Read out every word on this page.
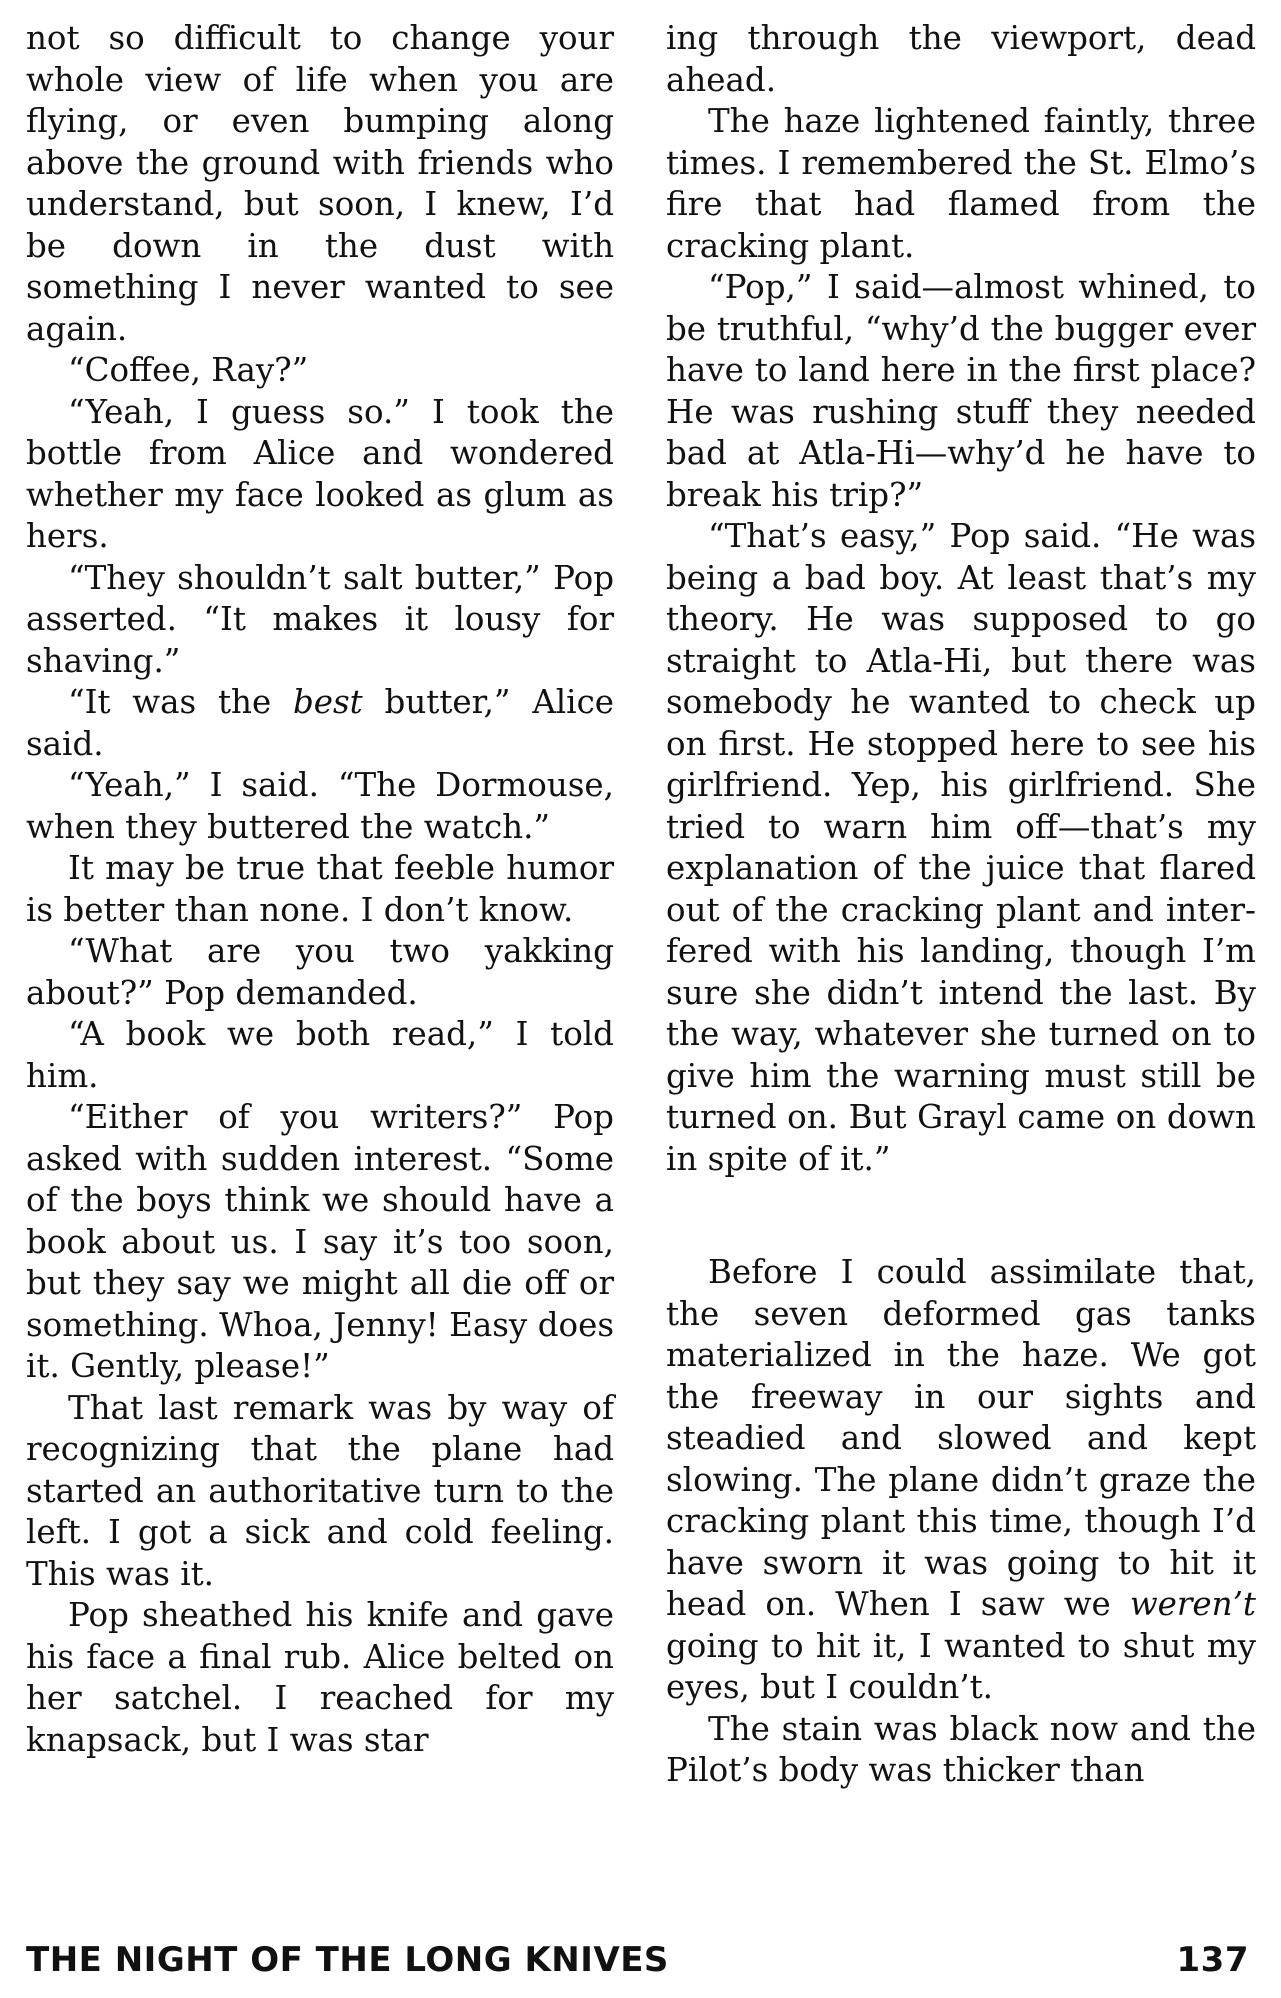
not so difficult to change your whole view of life when you are flying, or even bumping along above the ground with friends who understand, but soon, I knew, I’d be down in the dust with something I never wanted to see again.

“Coffee, Ray?”

“Yeah, I guess so.” I took the bottle from Alice and wondered whether my face looked as glum as hers.

“They shouldn’t salt butter,” Pop asserted. “It makes it lousy for shaving.”

“It was the best butter,” Alice said.

“Yeah,” I said. “The Dormouse, when they buttered the watch.”

It may be true that feeble humor is better than none. I don’t know.

“What are you two yakking about?” Pop demanded.

“A book we both read,” I told him.

“Either of you writers?” Pop asked with sudden interest. “Some of the boys think we should have a book about us. I say it’s too soon, but they say we might all die off or something. Whoa, Jenny! Easy does it. Gently, please!”

That last remark was by way of recognizing that the plane had started an authoritative turn to the left. I got a sick and cold feeling. This was it.

Pop sheathed his knife and gave his face a final rub. Alice belted on her satchel. I reached for my knapsack, but I was star

ing through the viewport, dead ahead.

The haze lightened faintly, three times. I remembered the St. Elmo’s fire that had flamed from the cracking plant.

“Pop,” I said—almost whined, to be truthful, “why’d the bugger ever have to land here in the first place? He was rushing stuff they needed bad at Atla-Hi—why’d he have to break his trip?”

“That’s easy,” Pop said. “He was being a bad boy. At least that’s my theory. He was supposed to go straight to Atla-Hi, but there was somebody he wanted to check up on first. He stopped here to see his girlfriend. Yep, his girlfriend. She tried to warn him off—that’s my explanation of the juice that flared out of the cracking plant and interfered with his landing, though I’m sure she didn’t intend the last. By the way, whatever she turned on to give him the warning must still be turned on. But Grayl came on down in spite of it.”

Before I could assimilate that, the seven deformed gas tanks materialized in the haze. We got the freeway in our sights and steadied and slowed and kept slowing. The plane didn’t graze the cracking plant this time, though I’d have sworn it was going to hit it head on. When I saw we weren’t going to hit it, I wanted to shut my eyes, but I couldn’t.

The stain was black now and the Pilot’s body was thicker than

THE NIGHT OF THE LONG KNIVES	137
